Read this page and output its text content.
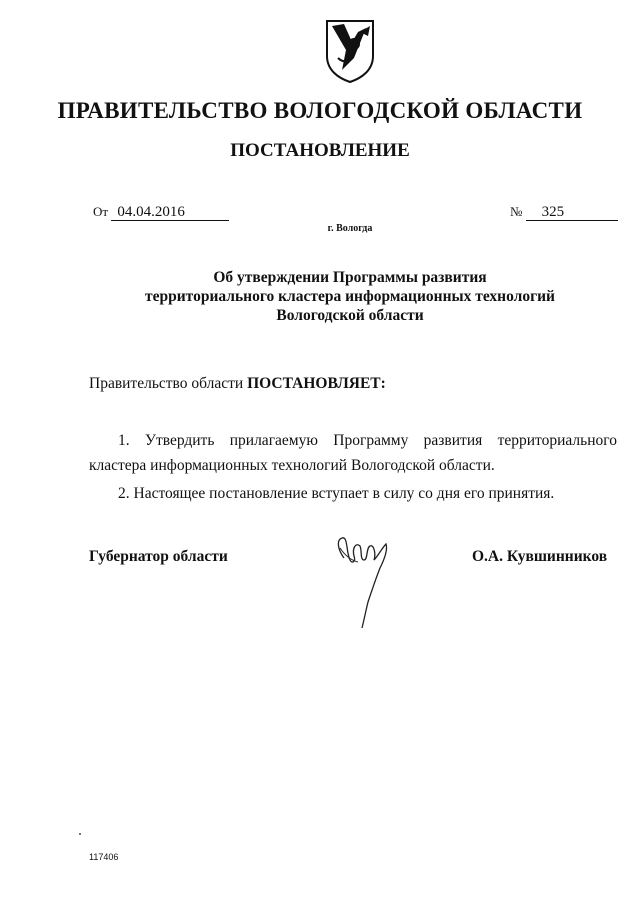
ПРАВИТЕЛЬСТВО ВОЛОГОДСКОЙ ОБЛАСТИ
ПОСТАНОВЛЕНИЕ
От 04.04.2016	№ 325
г. Вологда
Об утверждении Программы развития
территориального кластера информационных технологий
Вологодской области
Правительство области ПОСТАНОВЛЯЕТ:
1. Утвердить прилагаемую Программу развития территориального кластера информационных технологий Вологодской области.
2. Настоящее постановление вступает в силу со дня его принятия.
Губернатор области	О.А. Кувшинников
117406
